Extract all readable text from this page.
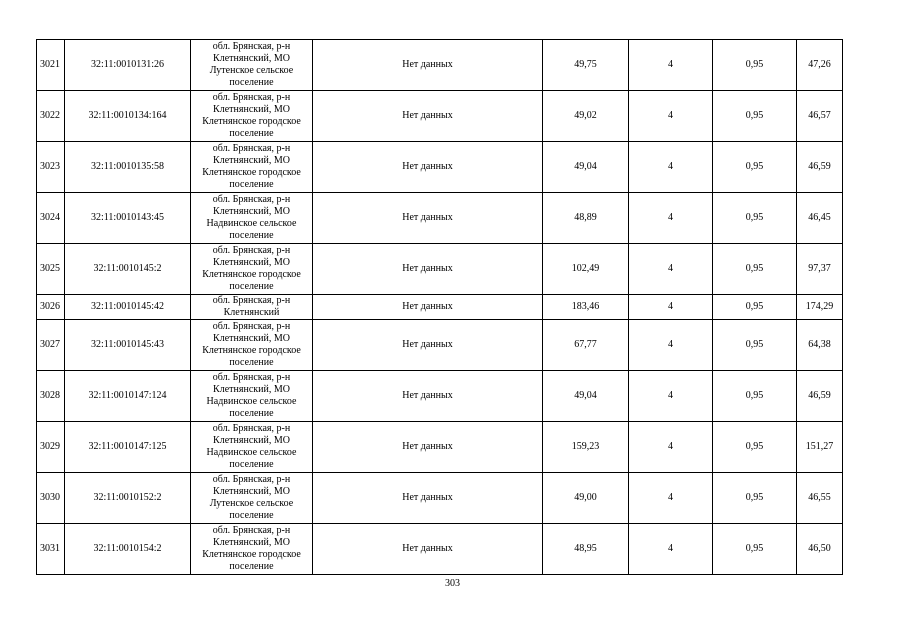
3021	32:11:0010131:26	обл. Брянская, р-н Клетнянский, МО Лутенское сельское поселение	Нет данных	49,75	4	0,95	47,26
3022	32:11:0010134:164	обл. Брянская, р-н Клетнянский, МО Клетнянское городское поселение	Нет данных	49,02	4	0,95	46,57
3023	32:11:0010135:58	обл. Брянская, р-н Клетнянский, МО Клетнянское городское поселение	Нет данных	49,04	4	0,95	46,59
3024	32:11:0010143:45	обл. Брянская, р-н Клетнянский, МО Надвинское сельское поселение	Нет данных	48,89	4	0,95	46,45
3025	32:11:0010145:2	обл. Брянская, р-н Клетнянский, МО Клетнянское городское поселение	Нет данных	102,49	4	0,95	97,37
3026	32:11:0010145:42	обл. Брянская, р-н Клетнянский	Нет данных	183,46	4	0,95	174,29
3027	32:11:0010145:43	обл. Брянская, р-н Клетнянский, МО Клетнянское городское поселение	Нет данных	67,77	4	0,95	64,38
3028	32:11:0010147:124	обл. Брянская, р-н Клетнянский, МО Надвинское сельское поселение	Нет данных	49,04	4	0,95	46,59
3029	32:11:0010147:125	обл. Брянская, р-н Клетнянский, МО Надвинское сельское поселение	Нет данных	159,23	4	0,95	151,27
3030	32:11:0010152:2	обл. Брянская, р-н Клетнянский, МО Лутенское сельское поселение	Нет данных	49,00	4	0,95	46,55
3031	32:11:0010154:2	обл. Брянская, р-н Клетнянский, МО Клетнянское городское поселение	Нет данных	48,95	4	0,95	46,50
303
